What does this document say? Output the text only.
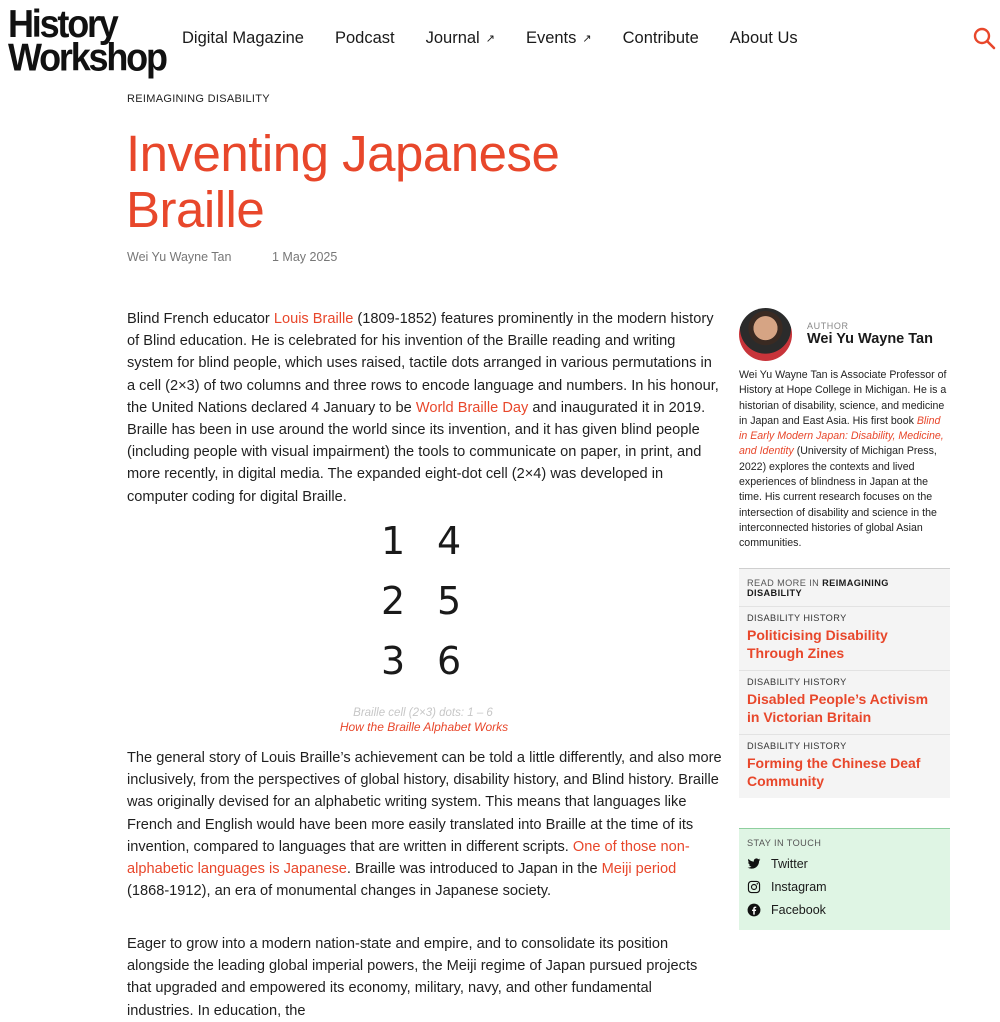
History
Workshop Digital Magazine Podcast Journal ↗ Events ↗ Contribute About Us
REIMAGINING DISABILITY
Inventing Japanese Braille
Wei Yu Wayne Tan	1 May 2025

Blind French educator Louis Braille (1809-1852) features prominently in the modern history of Blind education. He is celebrated for his invention of the Braille reading and writing system for blind people, which uses raised, tactile dots arranged in various permutations in a cell (2×3) of two columns and three rows to encode language and numbers. In his honour, the United Nations declared 4 January to be World Braille Day and inaugurated it in 2019. Braille has been in use around the world since its invention, and it has given blind people (including people with visual impairment) the tools to communicate on paper, in print, and more recently, in digital media. The expanded eight-dot cell (2×4) was developed in computer coding for digital Braille.

1 4
2 5
3 6
Braille cell (2×3) dots: 1 – 6
How the Braille Alphabet Works

The general story of Louis Braille’s achievement can be told a little differently, and also more inclusively, from the perspectives of global history, disability history, and Blind history. Braille was originally devised for an alphabetic writing system. This means that languages like French and English would have been more easily translated into Braille at the time of its invention, compared to languages that are written in different scripts. One of those non-alphabetic languages is Japanese. Braille was introduced to Japan in the Meiji period (1868-1912), an era of monumental changes in Japanese society.

Eager to grow into a modern nation-state and empire, and to consolidate its position alongside the leading global imperial powers, the Meiji regime of Japan pursued projects that upgraded and empowered its economy, military, navy, and other fundamental industries. In education, the

AUTHOR
Wei Yu Wayne Tan

Wei Yu Wayne Tan is Associate Professor of History at Hope College in Michigan. He is a historian of disability, science, and medicine in Japan and East Asia. His first book Blind in Early Modern Japan: Disability, Medicine, and Identity (University of Michigan Press, 2022) explores the contexts and lived experiences of blindness in Japan at the time. His current research focuses on the intersection of disability and science in the interconnected histories of global Asian communities.

READ MORE IN REIMAGINING DISABILITY
DISABILITY HISTORY
Politicising Disability Through Zines
DISABILITY HISTORY
Disabled People’s Activism in Victorian Britain
DISABILITY HISTORY
Forming the Chinese Deaf Community
STAY IN TOUCH
Twitter
Instagram
Facebook
